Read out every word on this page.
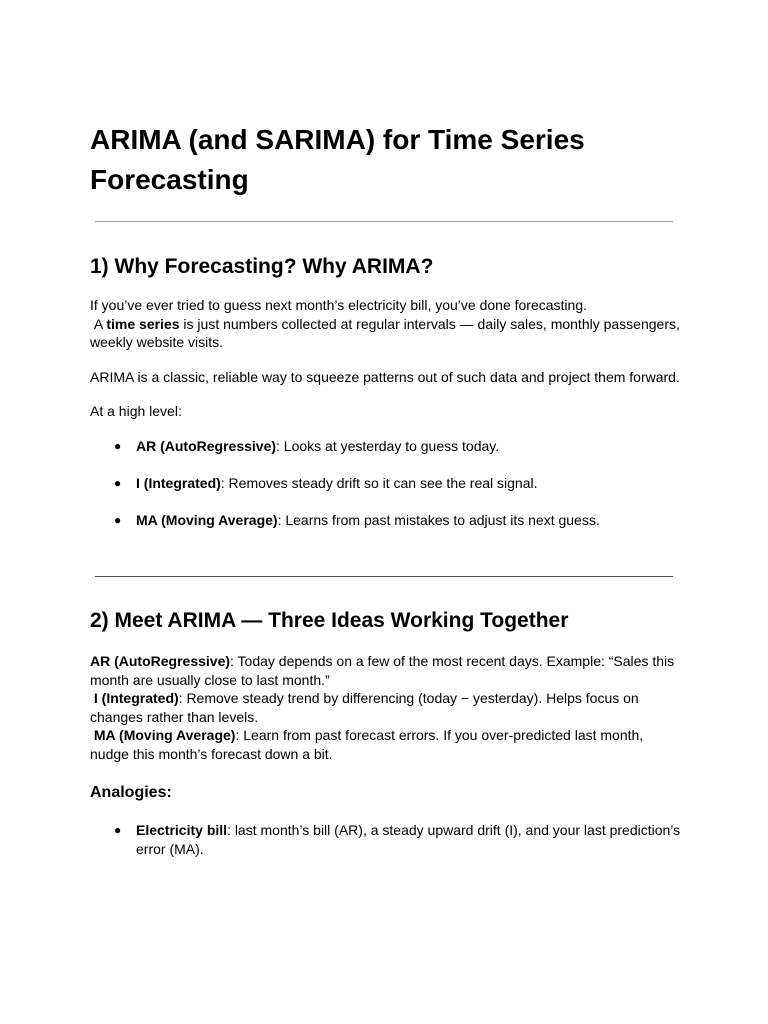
ARIMA (and SARIMA) for Time Series Forecasting
1) Why Forecasting? Why ARIMA?

If you’ve ever tried to guess next month’s electricity bill, you’ve done forecasting.
A time series is just numbers collected at regular intervals — daily sales, monthly passengers, weekly website visits.

ARIMA is a classic, reliable way to squeeze patterns out of such data and project them forward.

At a high level:

● AR (AutoRegressive): Looks at yesterday to guess today.
● I (Integrated): Removes steady drift so it can see the real signal.
● MA (Moving Average): Learns from past mistakes to adjust its next guess.
2) Meet ARIMA — Three Ideas Working Together
AR (AutoRegressive): Today depends on a few of the most recent days. Example: “Sales this month are usually close to last month.”
I (Integrated): Remove steady trend by differencing (today − yesterday). Helps focus on changes rather than levels.
MA (Moving Average): Learn from past forecast errors. If you over-predicted last month, nudge this month’s forecast down a bit.
Analogies:
● Electricity bill: last month’s bill (AR), a steady upward drift (I), and your last prediction’s error (MA).
